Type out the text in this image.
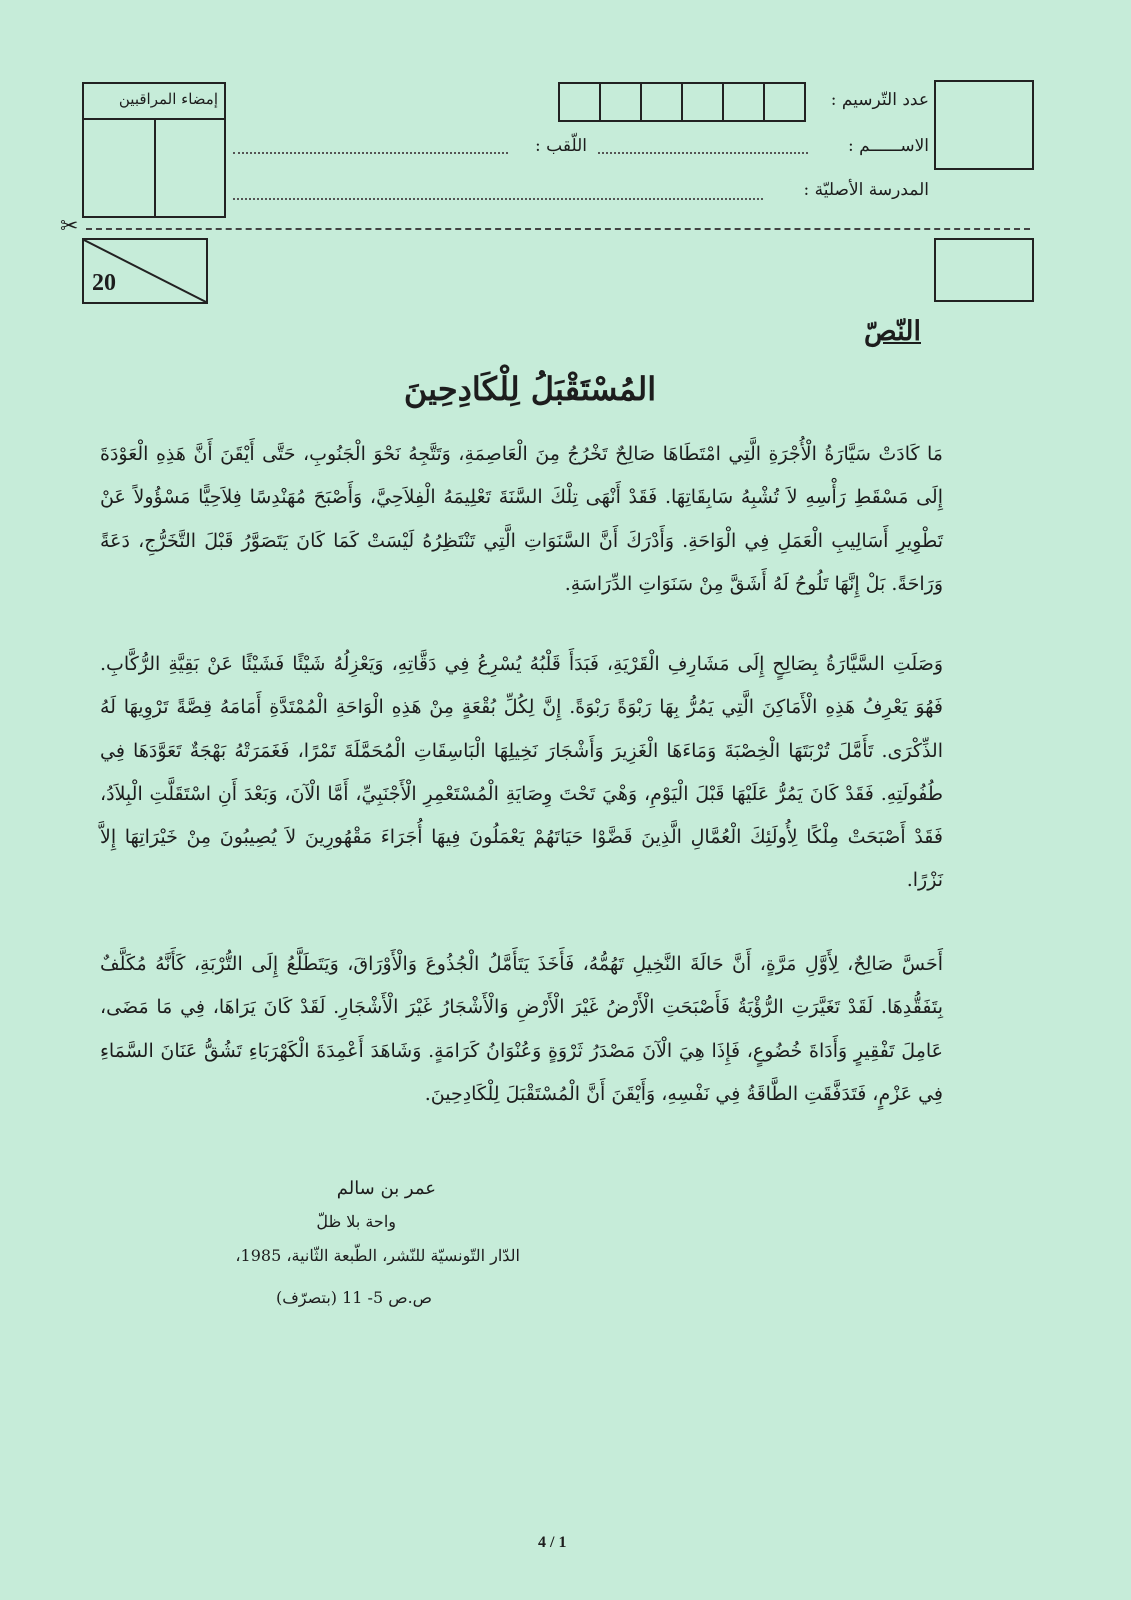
عدد التّرسيم :
الاســــــم :
اللّقب :
المدرسة الأصليّة :
إمضاء المراقبين
✂
20
النّصّ
المُسْتَقْبَلُ لِلْكَادِحِينَ

مَا كَادَتْ سَيَّارَةُ الْأُجْرَةِ الَّتِي امْتَطَاهَا صَالِحٌ تَخْرُجُ مِنَ الْعَاصِمَةِ، وَتَتَّجِهُ نَحْوَ الْجَنُوبِ، حَتَّى أَيْقَنَ أَنَّ هَذِهِ الْعَوْدَةَ إِلَى مَسْقَطِ رَأْسِهِ لاَ تُشْبِهُ سَابِقَاتِهَا. فَقَدْ أَنْهَى تِلْكَ السَّنَةَ تَعْلِيمَهُ الْفِلاَحِيَّ، وَأَصْبَحَ مُهَنْدِسًا فِلاَحِيًّا مَسْؤُولاً عَنْ تَطْوِيرِ أَسَالِيبِ الْعَمَلِ فِي الْوَاحَةِ. وَأَدْرَكَ أَنَّ السَّنَوَاتِ الَّتِي تَنْتَظِرُهُ لَيْسَتْ كَمَا كَانَ يَتَصَوَّرُ قَبْلَ التَّخَرُّجِ، دَعَةً وَرَاحَةً. بَلْ إِنَّهَا تَلُوحُ لَهُ أَشَقَّ مِنْ سَنَوَاتِ الدِّرَاسَةِ.

وَصَلَتِ السَّيَّارَةُ بِصَالِحٍ إِلَى مَشَارِفِ الْقَرْيَةِ، فَبَدَأَ قَلْبُهُ يُسْرِعُ فِي دَقَّاتِهِ، وَيَعْزِلُهُ شَيْئًا فَشَيْئًا عَنْ بَقِيَّةِ الرُّكَّابِ. فَهُوَ يَعْرِفُ هَذِهِ الْأَمَاكِنَ الَّتِي يَمُرُّ بِهَا رَبْوَةً رَبْوَةً. إِنَّ لِكُلِّ بُقْعَةٍ مِنْ هَذِهِ الْوَاحَةِ الْمُمْتَدَّةِ أَمَامَهُ قِصَّةً تَرْوِيهَا لَهُ الذِّكْرَى. تَأَمَّلَ تُرْبَتَهَا الْخِصْبَةَ وَمَاءَهَا الْغَزِيرَ وَأَشْجَارَ نَخِيلِهَا الْبَاسِقَاتِ الْمُحَمَّلَةَ تَمْرًا، فَغَمَرَتْهُ بَهْجَةٌ تَعَوَّدَهَا فِي طُفُولَتِهِ. فَقَدْ كَانَ يَمُرُّ عَلَيْهَا قَبْلَ الْيَوْمِ، وَهْيَ تَحْتَ وِصَايَةِ الْمُسْتَعْمِرِ الْأَجْنَبِيِّ، أَمَّا الْآنَ، وَبَعْدَ أَنِ اسْتَقَلَّتِ الْبِلاَدُ، فَقَدْ أَصْبَحَتْ مِلْكًا لِأُولَئِكَ الْعُمَّالِ الَّذِينَ قَضَّوْا حَيَاتَهُمْ يَعْمَلُونَ فِيهَا أُجَرَاءَ مَقْهُورِينَ لاَ يُصِيبُونَ مِنْ خَيْرَاتِهَا إِلاَّ نَزْرًا.

أَحَسَّ صَالِحٌ، لِأَوَّلِ مَرَّةٍ، أَنَّ حَالَةَ النَّخِيلِ تَهُمُّهُ، فَأَخَذَ يَتَأَمَّلُ الْجُذُوعَ وَالْأَوْرَاقَ، وَيَتَطَلَّعُ إِلَى التُّرْبَةِ، كَأَنَّهُ مُكَلَّفٌ بِتَفَقُّدِهَا. لَقَدْ تَغَيَّرَتِ الرُّؤْيَةُ فَأَصْبَحَتِ الْأَرْضُ غَيْرَ الْأَرْضِ وَالْأَشْجَارُ غَيْرَ الْأَشْجَارِ. لَقَدْ كَانَ يَرَاهَا، فِي مَا مَضَى، عَامِلَ تَفْقِيرٍ وَأَدَاةَ خُضُوعٍ، فَإِذَا هِيَ الْآنَ مَصْدَرُ ثَرْوَةٍ وَعُنْوَانُ كَرَامَةٍ. وَشَاهَدَ أَعْمِدَةَ الْكَهْرَبَاءِ تَشُقُّ عَنَانَ السَّمَاءِ فِي عَزْمٍ، فَتَدَفَّقَتِ الطَّاقَةُ فِي نَفْسِهِ، وَأَيْقَنَ أَنَّ الْمُسْتَقْبَلَ لِلْكَادِحِينَ.

عمر بن سالم
واحة بلا ظلّ
الدّار التّونسيّة للنّشر، الطّبعة الثّانية، 1985،
ص.ص 5- 11 (بتصرّف)
4 / 1
